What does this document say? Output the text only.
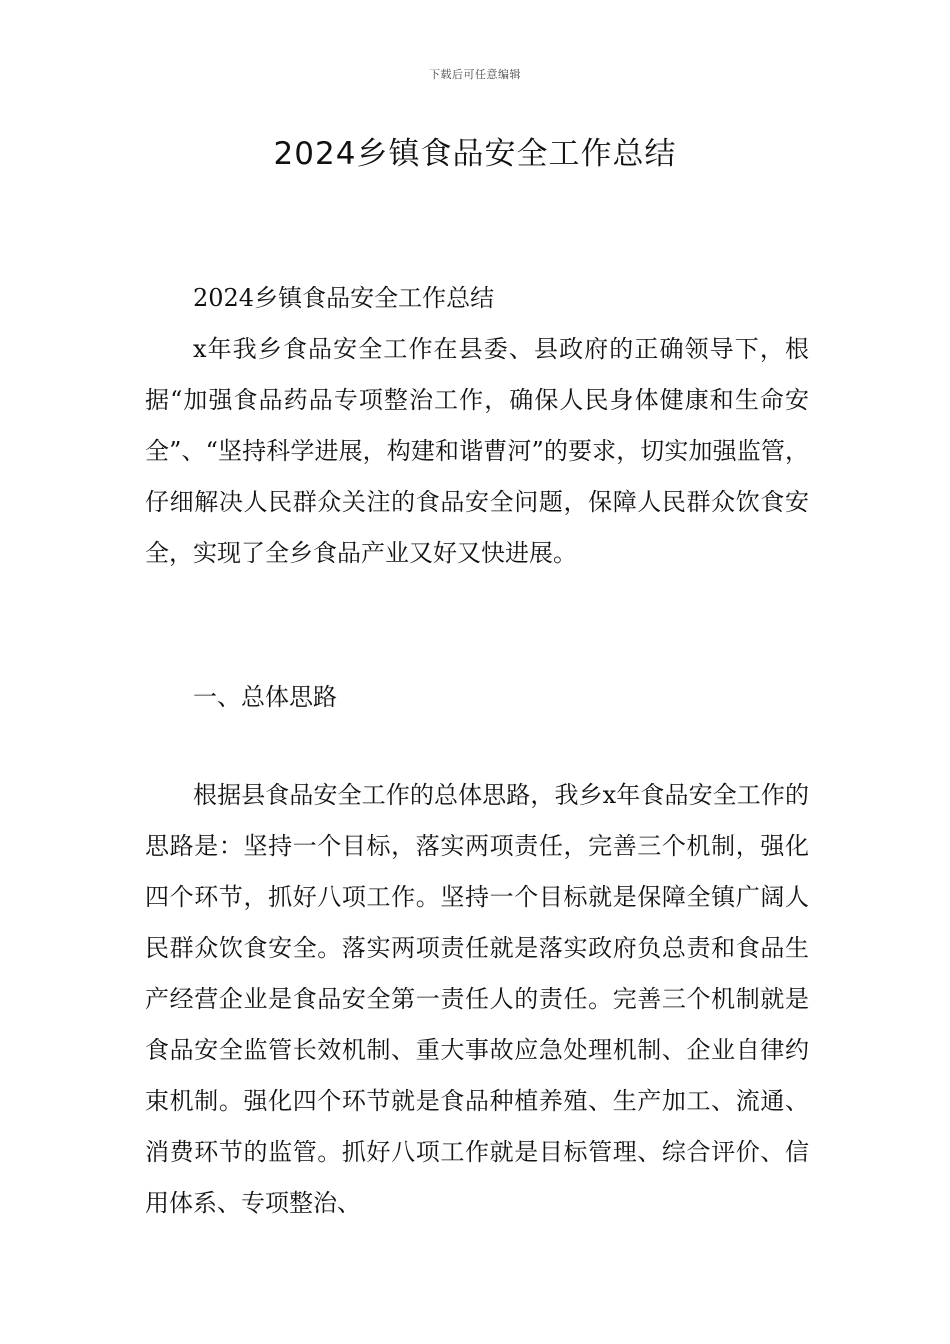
下载后可任意编辑
2024乡镇食品安全工作总结

2024乡镇食品安全工作总结

x年我乡食品安全工作在县委、县政府的正确领导下，根据“加强食品药品专项整治工作，确保人民身体健康和生命安全”、“坚持科学进展，构建和谐曹河”的要求，切实加强监管，仔细解决人民群众关注的食品安全问题，保障人民群众饮食安全，实现了全乡食品产业又好又快进展。

一、总体思路

根据县食品安全工作的总体思路，我乡x年食品安全工作的思路是：坚持一个目标，落实两项责任，完善三个机制，强化四个环节，抓好八项工作。坚持一个目标就是保障全镇广阔人民群众饮食安全。落实两项责任就是落实政府负总责和食品生产经营企业是食品安全第一责任人的责任。完善三个机制就是食品安全监管长效机制、重大事故应急处理机制、企业自律约束机制。强化四个环节就是食品种植养殖、生产加工、流通、消费环节的监管。抓好八项工作就是目标管理、综合评价、信用体系、专项整治、
